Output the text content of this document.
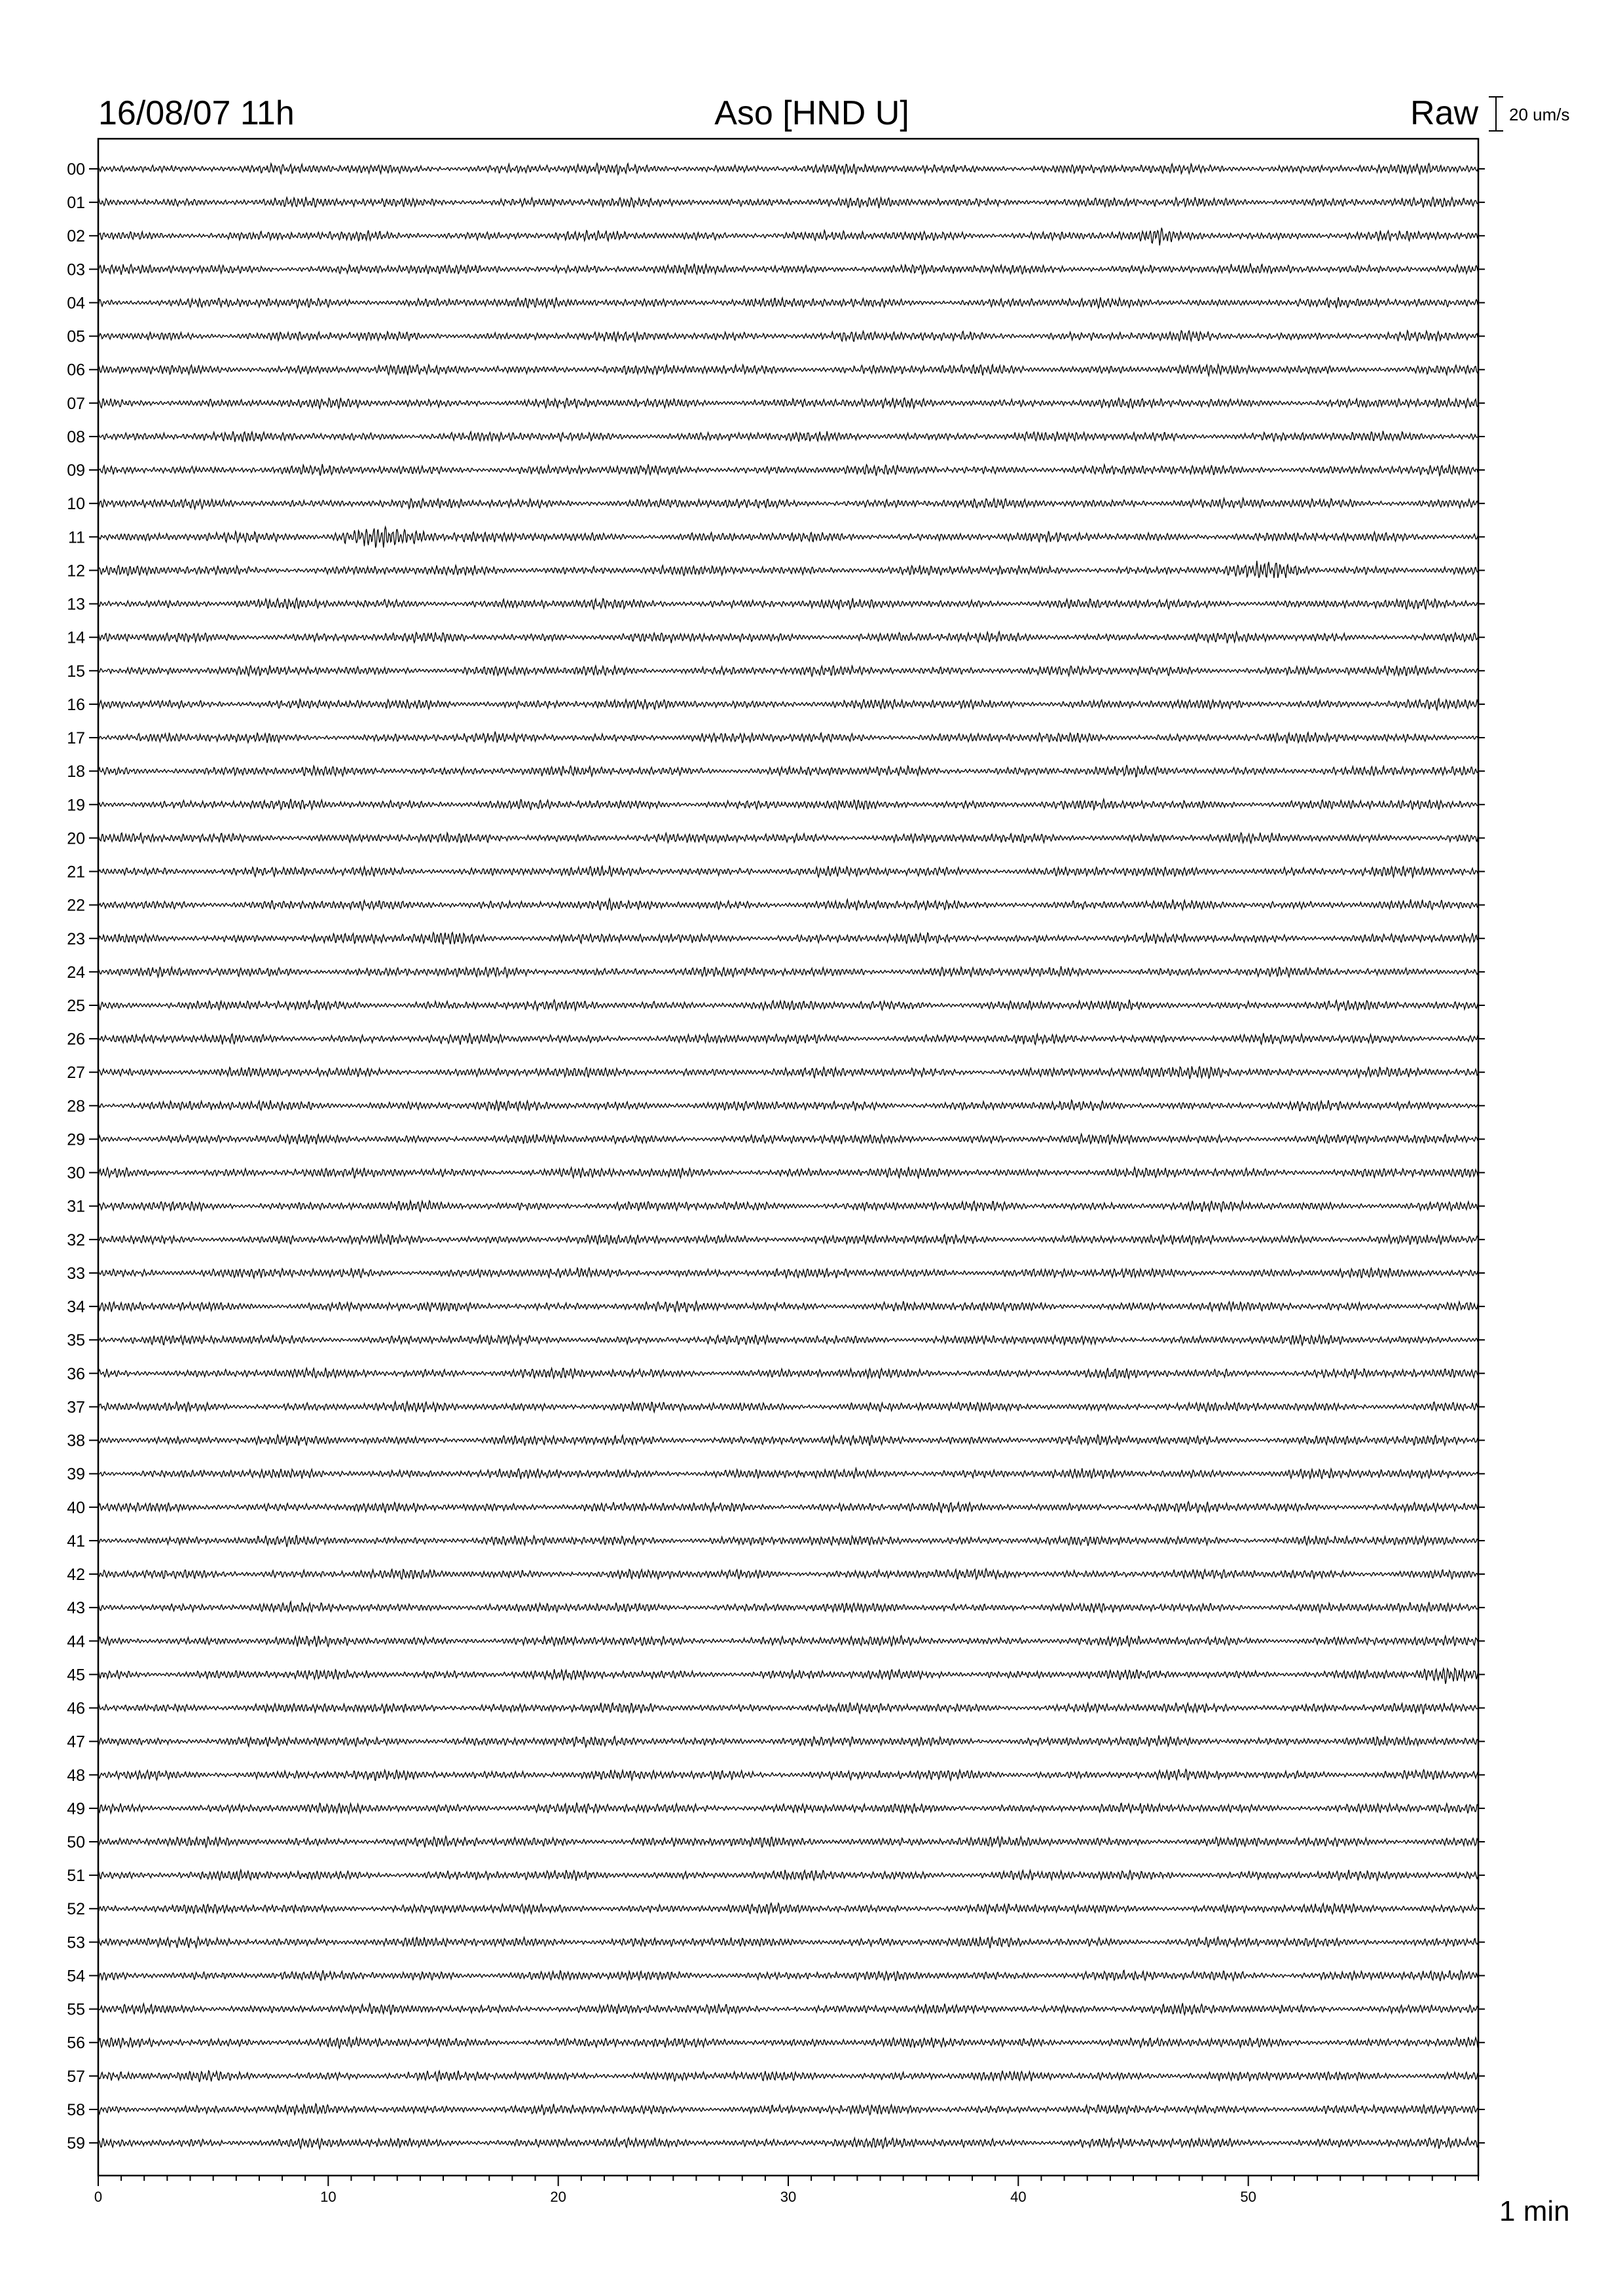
16/08/07 11h	Aso [HND U]	Raw 20 um/s
00
01
02
03
04
05
06
07
08
09
10
11
12
13
14
15
16
17
18
19
20
21
22
23
24
25
26
27
28
29
30
31
32
33
34
35
36
37
38
39
40
41
42
43
44
45
46
47
48
49
50
51
52
53
54
55
56
57
58
59
0	10	20	30	40	50	1 min
